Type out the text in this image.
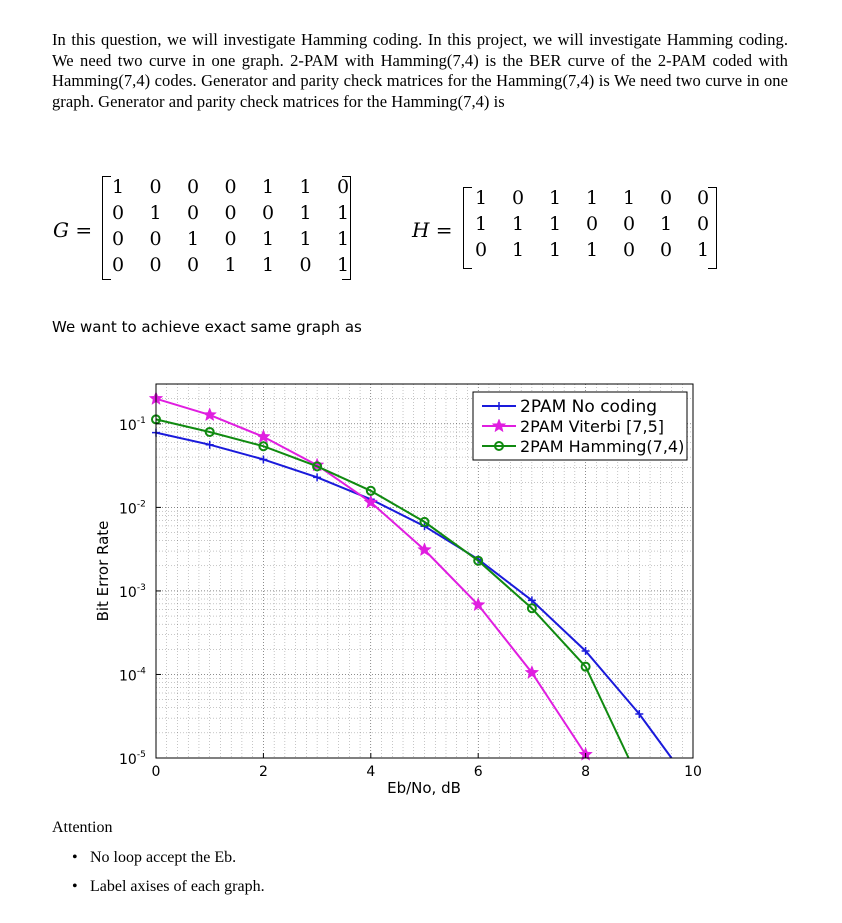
In this question, we will investigate Hamming coding. In this project, we will investigate Hamming coding. We need two curve in one graph. 2-PAM with Hamming(7,4) is the BER curve of the 2-PAM coded with Hamming(7,4) codes. Generator and parity check matrices for the Hamming(7,4) is We need two curve in one graph. Generator and parity check matrices for the Hamming(7,4) is

G =
1	0	0	0	1	1	0
0	1	0	0	0	1	1
0	0	1	0	1	1	1
0	0	0	1	1	0	1
H =
1	0	1	1	1	0	0
1	1	1	0	0	1	0
0	1	1	1	0	0	1
We want to achieve exact same graph as
0	2	4	6	8	10
$10^{-1}$
$10^{-2}$
$10^{-3}$
$10^{-4}$
$10^{-5}$
Eb/No, dB
Bit Error Rate
2PAM No coding
2PAM Viterbi [7,5]
2PAM Hamming(7,4)
Attention
• No loop accept the Eb.
• Label axises of each graph.
